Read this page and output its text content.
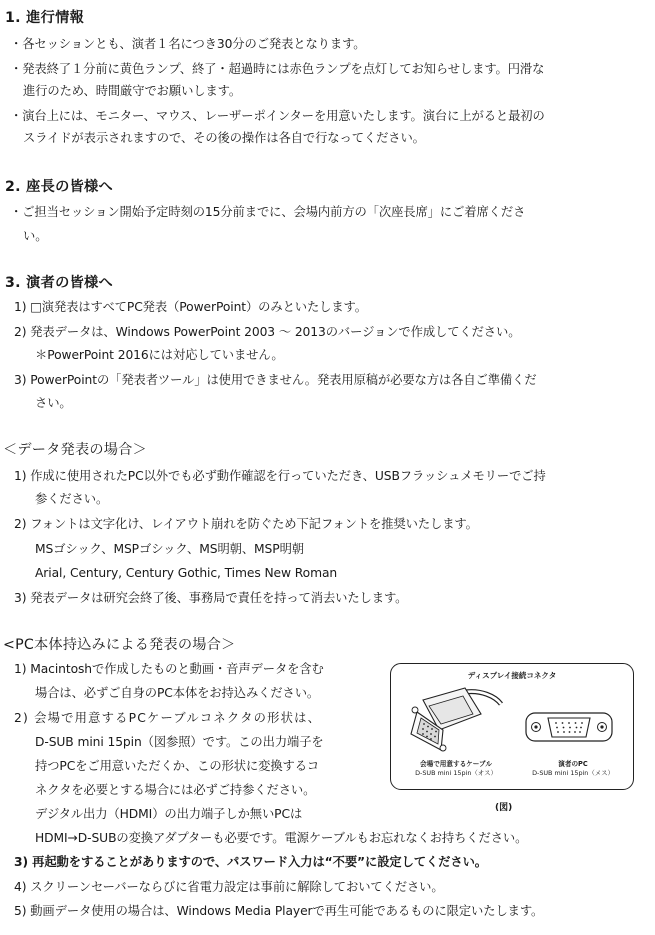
1. 進行情報

・各セッションとも、演者１名につき30分のご発表となります。

・発表終了１分前に黄色ランプ、終了・超過時には赤色ランプを点灯してお知らせします。円滑な

進行のため、時間厳守でお願いします。

・演台上には、モニター、マウス、レーザーポインターを用意いたします。演台に上がると最初の

スライドが表示されますので、その後の操作は各自で行なってください。

2. 座長の皆様へ

・ご担当セッション開始予定時刻の15分前までに、会場内前方の「次座長席」にご着席くださ

い。

3. 演者の皆様へ

1) □演発表はすべてPC発表（PowerPoint）のみといたします。

2) 発表データは、Windows PowerPoint 2003 ～ 2013のバージョンで作成してください。

＊PowerPoint 2016には対応していません。

3) PowerPointの「発表者ツール」は使用できません。発表用原稿が必要な方は各自ご準備くだ

さい。

＜データ発表の場合＞

1) 作成に使用されたPC以外でも必ず動作確認を行っていただき、USBフラッシュメモリーでご持

参ください。

2) フォントは文字化け、レイアウト崩れを防ぐため下記フォントを推奨いたします。

MSゴシック、MSPゴシック、MS明朝、MSP明朝

Arial, Century, Century Gothic, Times New Roman

3) 発表データは研究会終了後、事務局で責任を持って消去いたします。

<PC本体持込みによる発表の場合＞

1) Macintoshで作成したものと動画・音声データを含む

場合は、必ずご自身のPC本体をお持込みください。

2) 会場で用意するPCケーブルコネクタの形状は、

D-SUB mini 15pin（図参照）です。この出力端子を

持つPCをご用意いただくか、この形状に変換するコ

ネクタを必要とする場合には必ずご持参ください。

デジタル出力（HDMI）の出力端子しか無いPCは

HDMI→D-SUBの変換アダプターも必要です。電源ケーブルもお忘れなくお持ちください。

3) 再起動をすることがありますので、パスワード入力は“不要”に設定してください。

4) スクリーンセーバーならびに省電力設定は事前に解除しておいてください。

5) 動画データ使用の場合は、Windows Media Playerで再生可能であるものに限定いたします。

ディスプレイ接続コネクタ
会場で用意するケーブル
D-SUB mini 15pin（オス）
演者のPC
D-SUB mini 15pin（メス）
(図)
